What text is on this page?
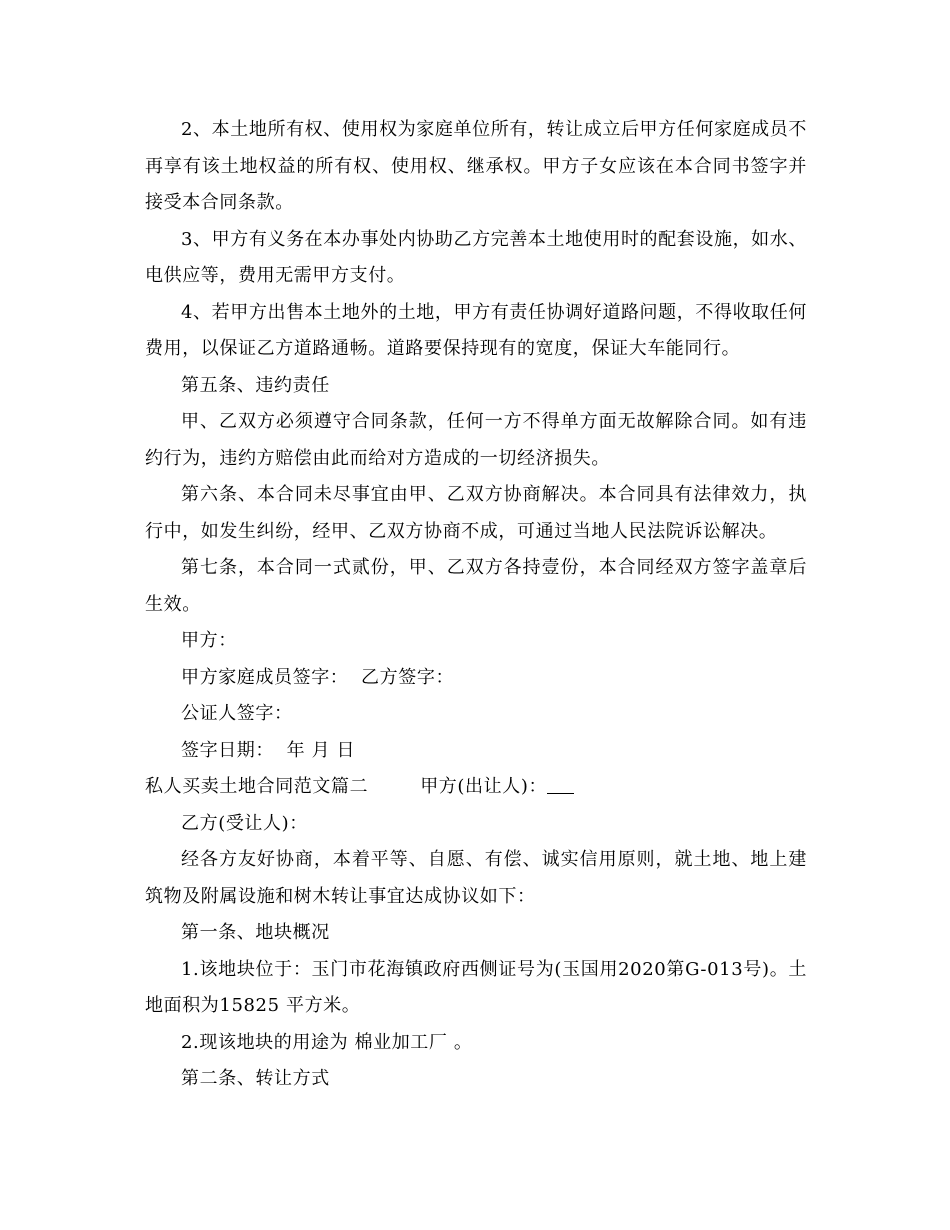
2、本土地所有权、使用权为家庭单位所有，转让成立后甲方任何家庭成员不再享有该土地权益的所有权、使用权、继承权。甲方子女应该在本合同书签字并接受本合同条款。

3、甲方有义务在本办事处内协助乙方完善本土地使用时的配套设施，如水、电供应等，费用无需甲方支付。

4、若甲方出售本土地外的土地，甲方有责任协调好道路问题，不得收取任何费用，以保证乙方道路通畅。道路要保持现有的宽度，保证大车能同行。

第五条、违约责任

甲、乙双方必须遵守合同条款，任何一方不得单方面无故解除合同。如有违约行为，违约方赔偿由此而给对方造成的一切经济损失。

第六条、本合同未尽事宜由甲、乙双方协商解决。本合同具有法律效力，执行中，如发生纠纷，经甲、乙双方协商不成，可通过当地人民法院诉讼解决。

第七条，本合同一式贰份，甲、乙双方各持壹份，本合同经双方签字盖章后生效。

甲方：

甲方家庭成员签字：  乙方签字：

公证人签字：

签字日期：  年 月 日

私人买卖土地合同范文篇二	甲方(出让人)：

乙方(受让人)：

经各方友好协商，本着平等、自愿、有偿、诚实信用原则，就土地、地上建筑物及附属设施和树木转让事宜达成协议如下：

第一条、地块概况

1.该地块位于：玉门市花海镇政府西侧证号为(玉国用2020第G-013号)。土地面积为15825 平方米。

2.现该地块的用途为 棉业加工厂 。

第二条、转让方式
